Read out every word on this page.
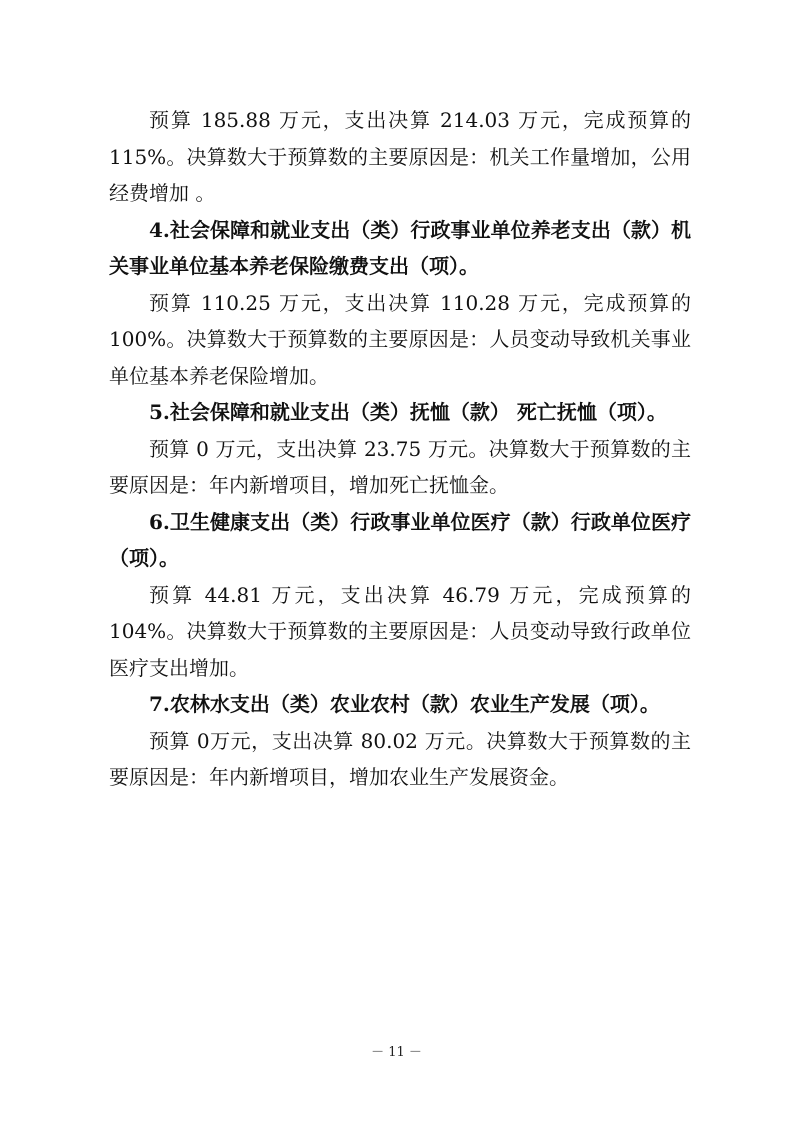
预算 185.88 万元，支出决算 214.03 万元，完成预算的115%。决算数大于预算数的主要原因是：机关工作量增加，公用经费增加 。

4.社会保障和就业支出（类）行政事业单位养老支出（款）机关事业单位基本养老保险缴费支出（项）。

预算 110.25 万元，支出决算 110.28 万元，完成预算的 100%。决算数大于预算数的主要原因是：人员变动导致机关事业单位基本养老保险增加。

5.社会保障和就业支出（类）抚恤（款） 死亡抚恤（项）。

预算 0 万元，支出决算 23.75 万元。决算数大于预算数的主要原因是：年内新增项目，增加死亡抚恤金。

6.卫生健康支出（类）行政事业单位医疗（款）行政单位医疗（项）。

预算 44.81 万元，支出决算 46.79 万元，完成预算的 104%。决算数大于预算数的主要原因是：人员变动导致行政单位医疗支出增加。

7.农林水支出（类）农业农村（款）农业生产发展（项）。

预算 0万元，支出决算 80.02 万元。决算数大于预算数的主要原因是：年内新增项目，增加农业生产发展资金。

－ 11 －
